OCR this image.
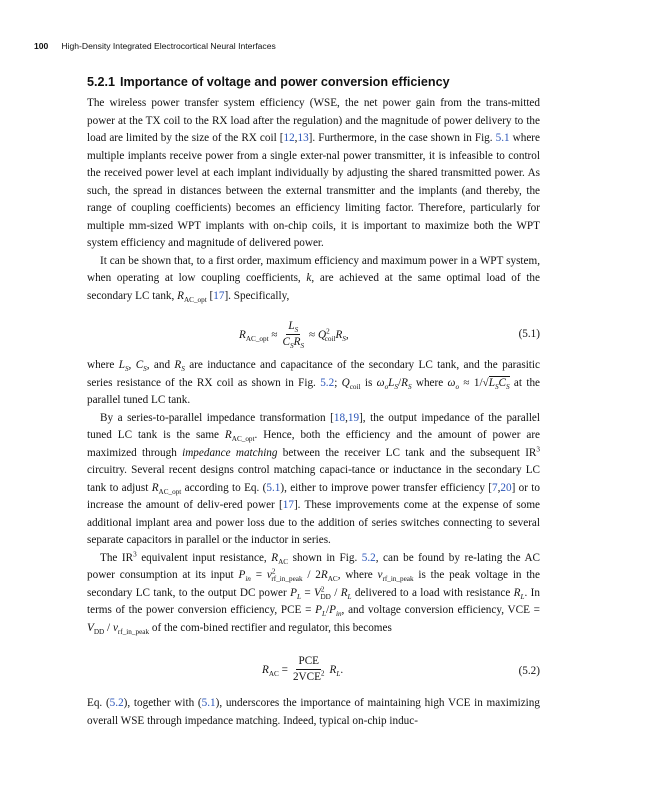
100 High-Density Integrated Electrocortical Neural Interfaces
5.2.1 Importance of voltage and power conversion efficiency

The wireless power transfer system efficiency (WSE, the net power gain from the trans-mitted power at the TX coil to the RX load after the regulation) and the magnitude of power delivery to the load are limited by the size of the RX coil [12,13]. Furthermore, in the case shown in Fig. 5.1 where multiple implants receive power from a single exter-nal power transmitter, it is infeasible to control the received power level at each implant individually by adjusting the shared transmitted power. As such, the spread in distances between the external transmitter and the implants (and thereby, the range of coupling coefficients) becomes an efficiency limiting factor. Therefore, particularly for multiple mm-sized WPT implants with on-chip coils, it is important to maximize both the WPT system efficiency and magnitude of delivered power.

It can be shown that, to a first order, maximum efficiency and maximum power in a WPT system, when operating at low coupling coefficients, k, are achieved at the same optimal load of the secondary LC tank, $R_{AC\_opt}$ [17]. Specifically,

$R_{AC\_opt} \approx \frac{L_S}{C_SR_S} \approx Q^2_{coil}R_S$,	(5.1)

where $L_S$, $C_S$, and $R_S$ are inductance and capacitance of the secondary LC tank, and the parasitic series resistance of the RX coil as shown in Fig. 5.2; $Q_{coil}$ is $\omega_oL_S/R_S$ where $\omega_o \approx 1/√L_SC_S$ at the parallel tuned LC tank.

By a series-to-parallel impedance transformation [18,19], the output impedance of the parallel tuned LC tank is the same $R_{AC\_opt}$. Hence, both the efficiency and the amount of power are maximized through impedance matching between the receiver LC tank and the subsequent $IR^3$ circuitry. Several recent designs control matching capaci-tance or inductance in the secondary LC tank to adjust $R_{AC\_opt}$ according to Eq. (5.1), either to improve power transfer efficiency [7,20] or to increase the amount of deliv-ered power [17]. These improvements come at the expense of some additional implant area and power loss due to the addition of series switches connecting to several separate capacitors in parallel or the inductor in series.

The $IR^3$ equivalent input resistance, $R_{AC}$ shown in Fig. 5.2, can be found by re-lating the AC power consumption at its input $P_{in} = v^2_{rf\_in\_peak} / 2R_{AC}$, where $v_{rf\_in\_peak}$ is the peak voltage in the secondary LC tank, to the output DC power $P_L = V^2_{DD} / R_L$ delivered to a load with resistance $R_L$. In terms of the power conversion efficiency, PCE = $P_L/P_{in}$, and voltage conversion efficiency, VCE = $V_{DD} / v_{rf\_in\_peak}$ of the com-bined rectifier and regulator, this becomes

$R_{AC} = \frac{\text{PCE}}{2VCE^2} R_L$.	(5.2)

Eq. (5.2), together with (5.1), underscores the importance of maintaining high VCE in maximizing overall WSE through impedance matching. Indeed, typical on-chip induc-
